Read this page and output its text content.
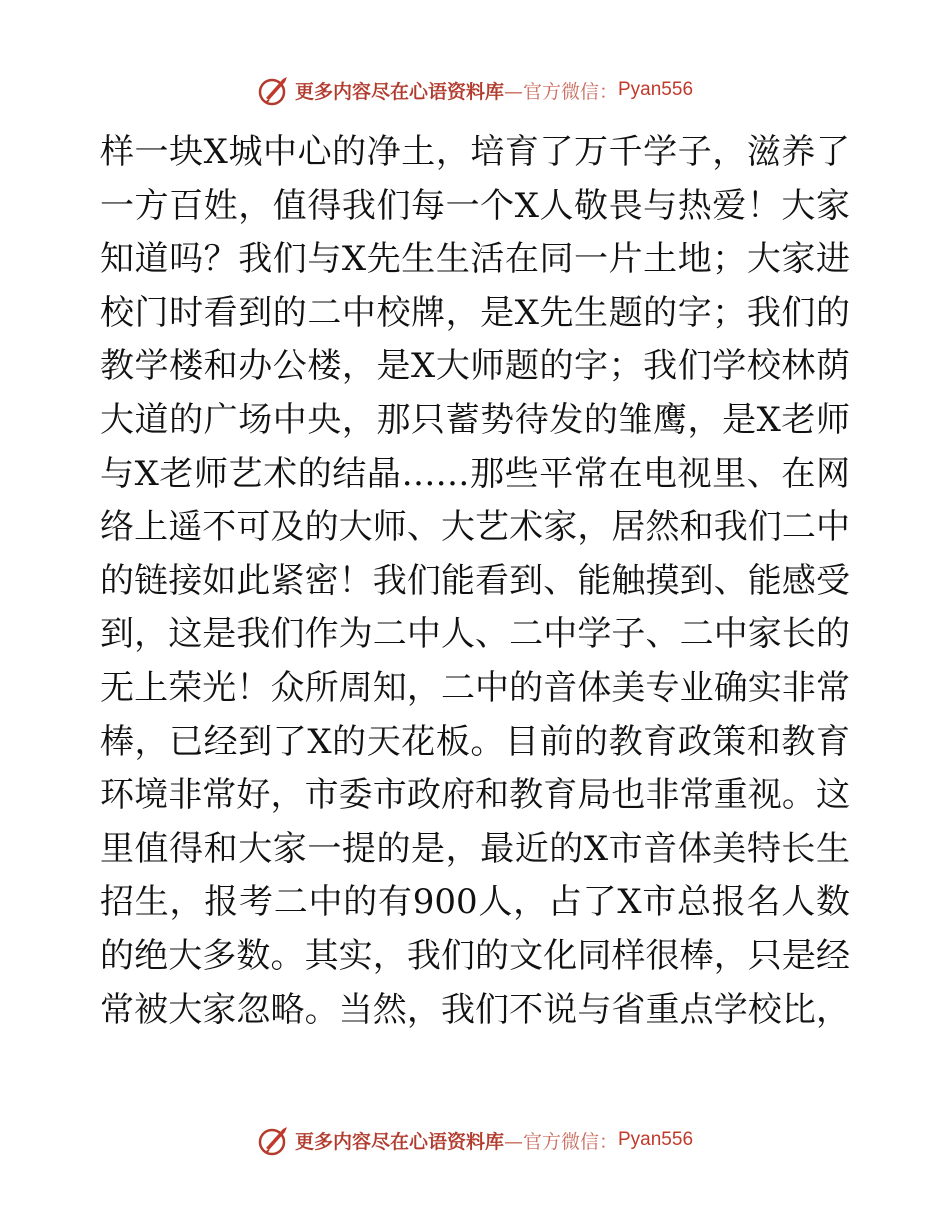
更多内容尽在心语资料库 —官方微信： Pyan556
样一块X城中心的净土，培育了万千学子，滋养了
一方百姓，值得我们每一个X人敬畏与热爱！大家
知道吗？我们与X先生生活在同一片土地；大家进
校门时看到的二中校牌，是X先生题的字；我们的
教学楼和办公楼，是X大师题的字；我们学校林荫
大道的广场中央，那只蓄势待发的雏鹰，是X老师
与X老师艺术的结晶……那些平常在电视里、在网
络上遥不可及的大师、大艺术家，居然和我们二中
的链接如此紧密！我们能看到、能触摸到、能感受
到，这是我们作为二中人、二中学子、二中家长的
无上荣光！众所周知，二中的音体美专业确实非常
棒，已经到了X的天花板。目前的教育政策和教育
环境非常好，市委市政府和教育局也非常重视。这
里值得和大家一提的是，最近的X市音体美特长生
招生，报考二中的有900人，占了X市总报名人数
的绝大多数。其实，我们的文化同样很棒，只是经
常被大家忽略。当然，我们不说与省重点学校比，
更多内容尽在心语资料库 —官方微信： Pyan556
